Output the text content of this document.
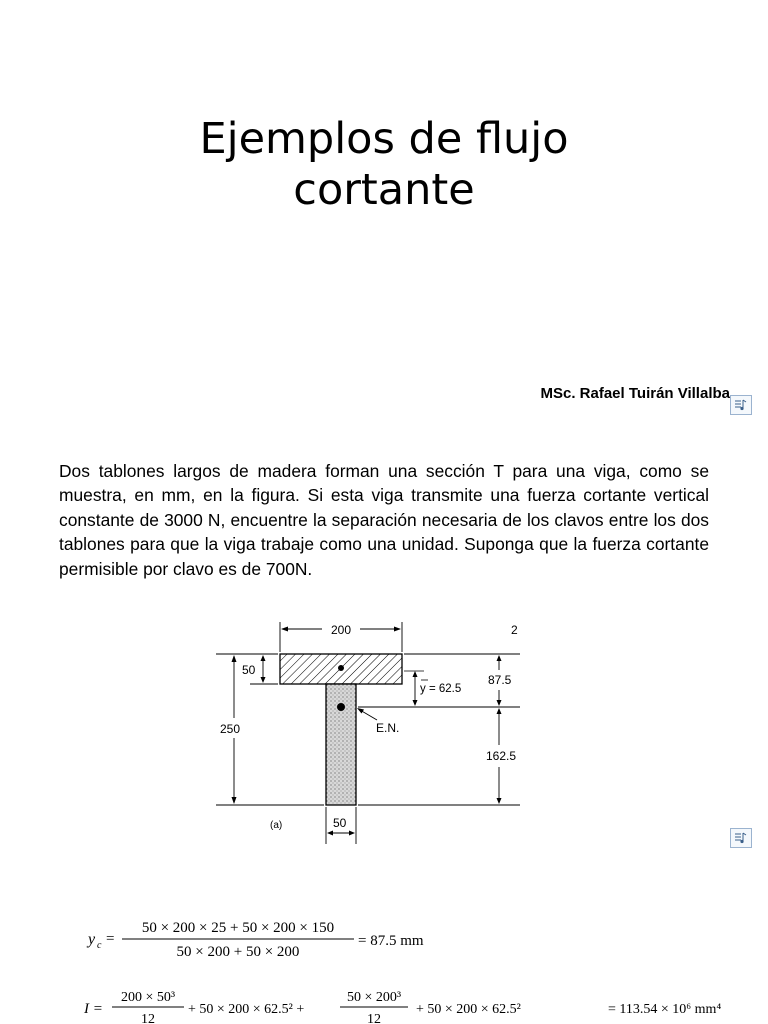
Ejemplos de flujo
cortante
MSc. Rafael Tuirán Villalba
Dos tablones largos de madera forman una sección T para una viga, como se muestra, en mm, en la figura. Si esta viga transmite una fuerza cortante vertical constante de 3000 N, encuentre la separación necesaria de los clavos entre los dos tablones para que la viga trabaje como una unidad. Suponga que la fuerza cortante permisible por clavo es de 700N.
200	2
50
250
y = 62.5
87.5
162.5
E.N.
50
(a)
y c =
50 × 200 × 25 + 50 × 200 × 150
50 × 200 + 50 × 200
= 87.5 mm
I =
200 × 50³
12
+ 50 × 200 × 62.5² +
50 × 200³
12
+ 50 × 200 × 62.5²	= 113.54 × 10⁶ mm⁴
